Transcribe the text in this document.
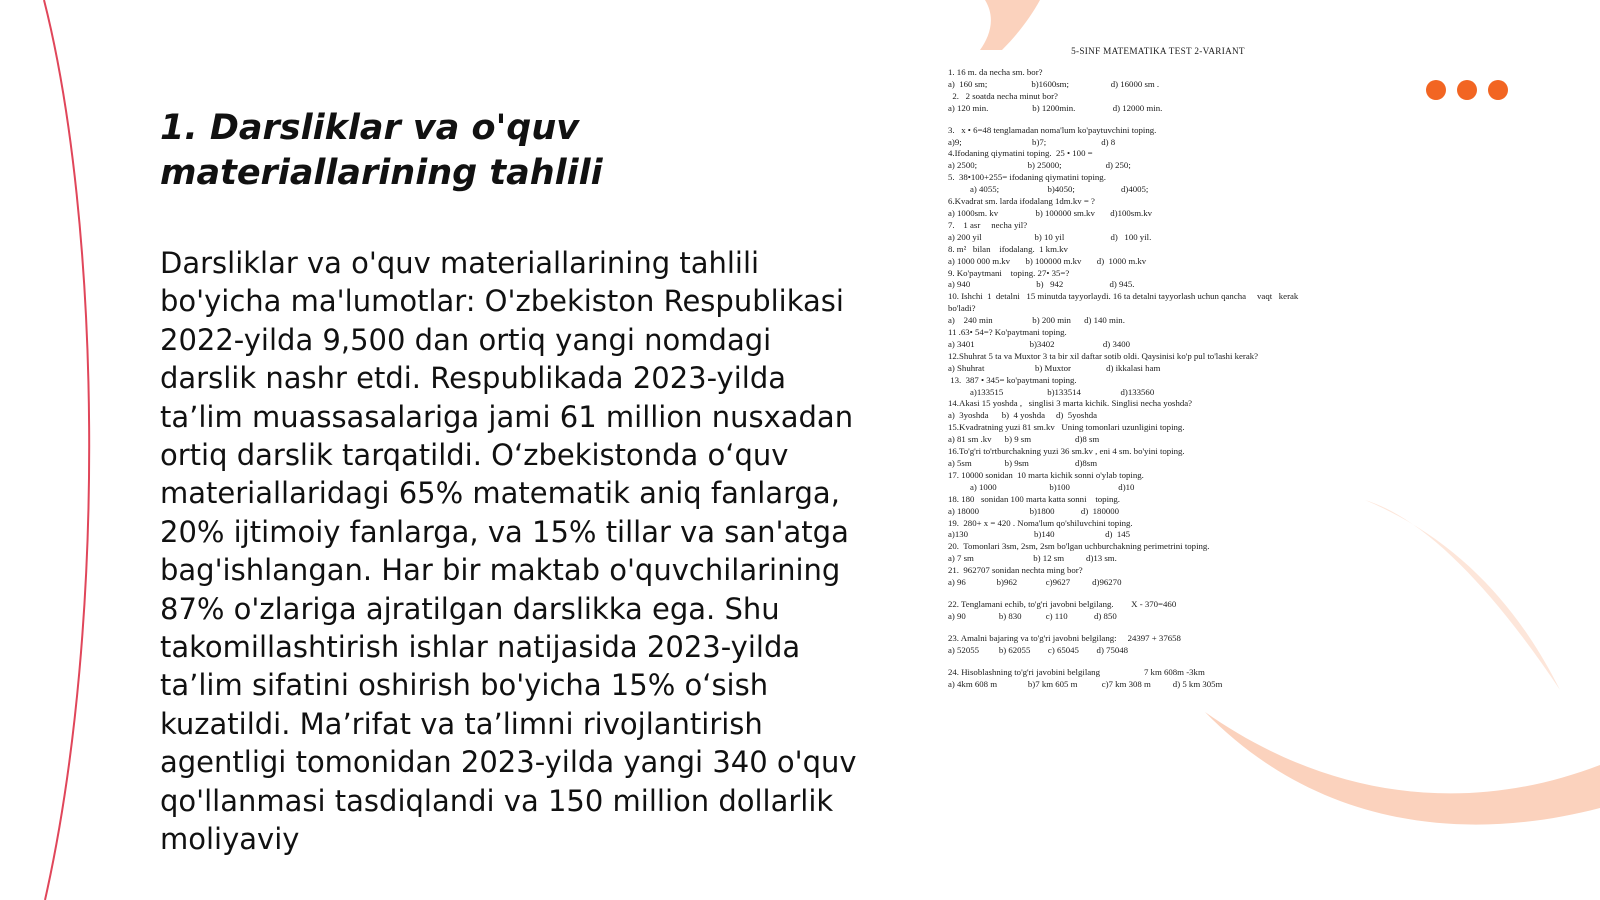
1. Darsliklar va o'quv materiallarining tahlili

Darsliklar va o'quv materiallarining tahlili bo'yicha ma'lumotlar: O'zbekiston Respublikasi 2022-yilda 9,500 dan ortiq yangi nomdagi darslik nashr etdi. Respublikada 2023-yilda ta’lim muassasalariga jami 61 million nusxadan ortiq darslik tarqatildi. O‘zbekistonda o‘quv materiallaridagi 65% matematik aniq fanlarga, 20% ijtimoiy fanlarga, va 15% tillar va san'atga bag'ishlangan. Har bir maktab o'quvchilarining 87% o'zlariga ajratilgan darslikka ega. Shu takomillashtirish ishlar natijasida 2023-yilda ta’lim sifatini oshirish bo'yicha 15% o‘sish kuzatildi. Ma’rifat va ta’limni rivojlantirish agentligi tomonidan 2023-yilda yangi 340 o'quv qo'llanmasi tasdiqlandi va 150 million dollarlik moliyaviy

5-SINF MATEMATIKA TEST 2-VARIANT
1. 16 m. da necha sm. bor?
a)  160 sm;                    b)1600sm;                   d) 16000 sm .
2.   2 soatda necha minut bor?
a) 120 min.                    b) 1200min.                 d) 12000 min.
3.   x • 6=48 tenglamadan noma'lum ko'paytuvchini toping.
a)9;                                b)7;                         d) 8
4.Ifodaning qiymatini toping.  25 • 100 =
a) 2500;                       b) 25000;                    d) 250;
5.  38•100+255= ifodaning qiymatini toping.
a) 4055;                      b)4050;                     d)4005;
6.Kvadrat sm. larda ifodalang 1dm.kv = ?
a) 1000sm. kv                 b) 100000 sm.kv       d)100sm.kv
7.    1 asr     necha yil?
a) 200 yil                        b) 10 yil                     d)   100 yil.
8. m²   bilan    ifodalang.  1 km.kv
a) 1000 000 m.kv       b) 100000 m.kv       d)  1000 m.kv
9. Ko'paytmani    toping. 27• 35=?
a) 940                              b)   942                     d) 945.
10. Ishchi  1  detalni   15 minutda tayyorlaydi. 16 ta detalni tayyorlash uchun qancha     vaqt   kerak
bo'ladi?
a)    240 min                  b) 200 min      d) 140 min.
11 .63• 54=? Ko'paytmani toping.
a) 3401                         b)3402                      d) 3400
12.Shuhrat 5 ta va Muxtor 3 ta bir xil daftar sotib oldi. Qaysinisi ko'p pul to'lashi kerak?
a) Shuhrat                       b) Muxtor                d) ikkalasi ham
13.  387 • 345= ko'paytmani toping.
a)133515                    b)133514                  d)133560
14.Akasi 15 yoshda ,   singlisi 3 marta kichik. Singlisi necha yoshda?
a)  3yoshda      b)  4 yoshda     d)  5yoshda
15.Kvadratning yuzi 81 sm.kv   Uning tomonlari uzunligini toping.
a) 81 sm .kv      b) 9 sm                    d)8 sm
16.To'g'ri to'rtburchakning yuzi 36 sm.kv , eni 4 sm. bo'yini toping.
a) 5sm               b) 9sm                     d)8sm
17. 10000 sonidan  10 marta kichik sonni o'ylab toping.
a) 1000                        b)100                      d)10
18. 180   sonidan 100 marta katta sonni    toping.
a) 18000                       b)1800            d)  180000
19.  280+ x = 420 . Noma'lum qo'shiluvchini toping.
a)130                              b)140                       d)  145
20.  Tomonlari 3sm, 2sm, 2sm bo'lgan uchburchakning perimetrini toping.
a) 7 sm                           b) 12 sm          d)13 sm.
21.  962707 sonidan nechta ming bor?
a) 96              b)962             c)9627          d)96270
22. Tenglamani echib, to'g'ri javobni belgilang.        X - 370=460
a) 90               b) 830           c) 110            d) 850
23. Amalni bajaring va to'g'ri javobni belgilang:     24397 + 37658
a) 52055         b) 62055        c) 65045        d) 75048
24. Hisoblashning to'g'ri javobini belgilang                    7 km 608m -3km
a) 4km 608 m              b)7 km 605 m           c)7 km 308 m          d) 5 km 305m
